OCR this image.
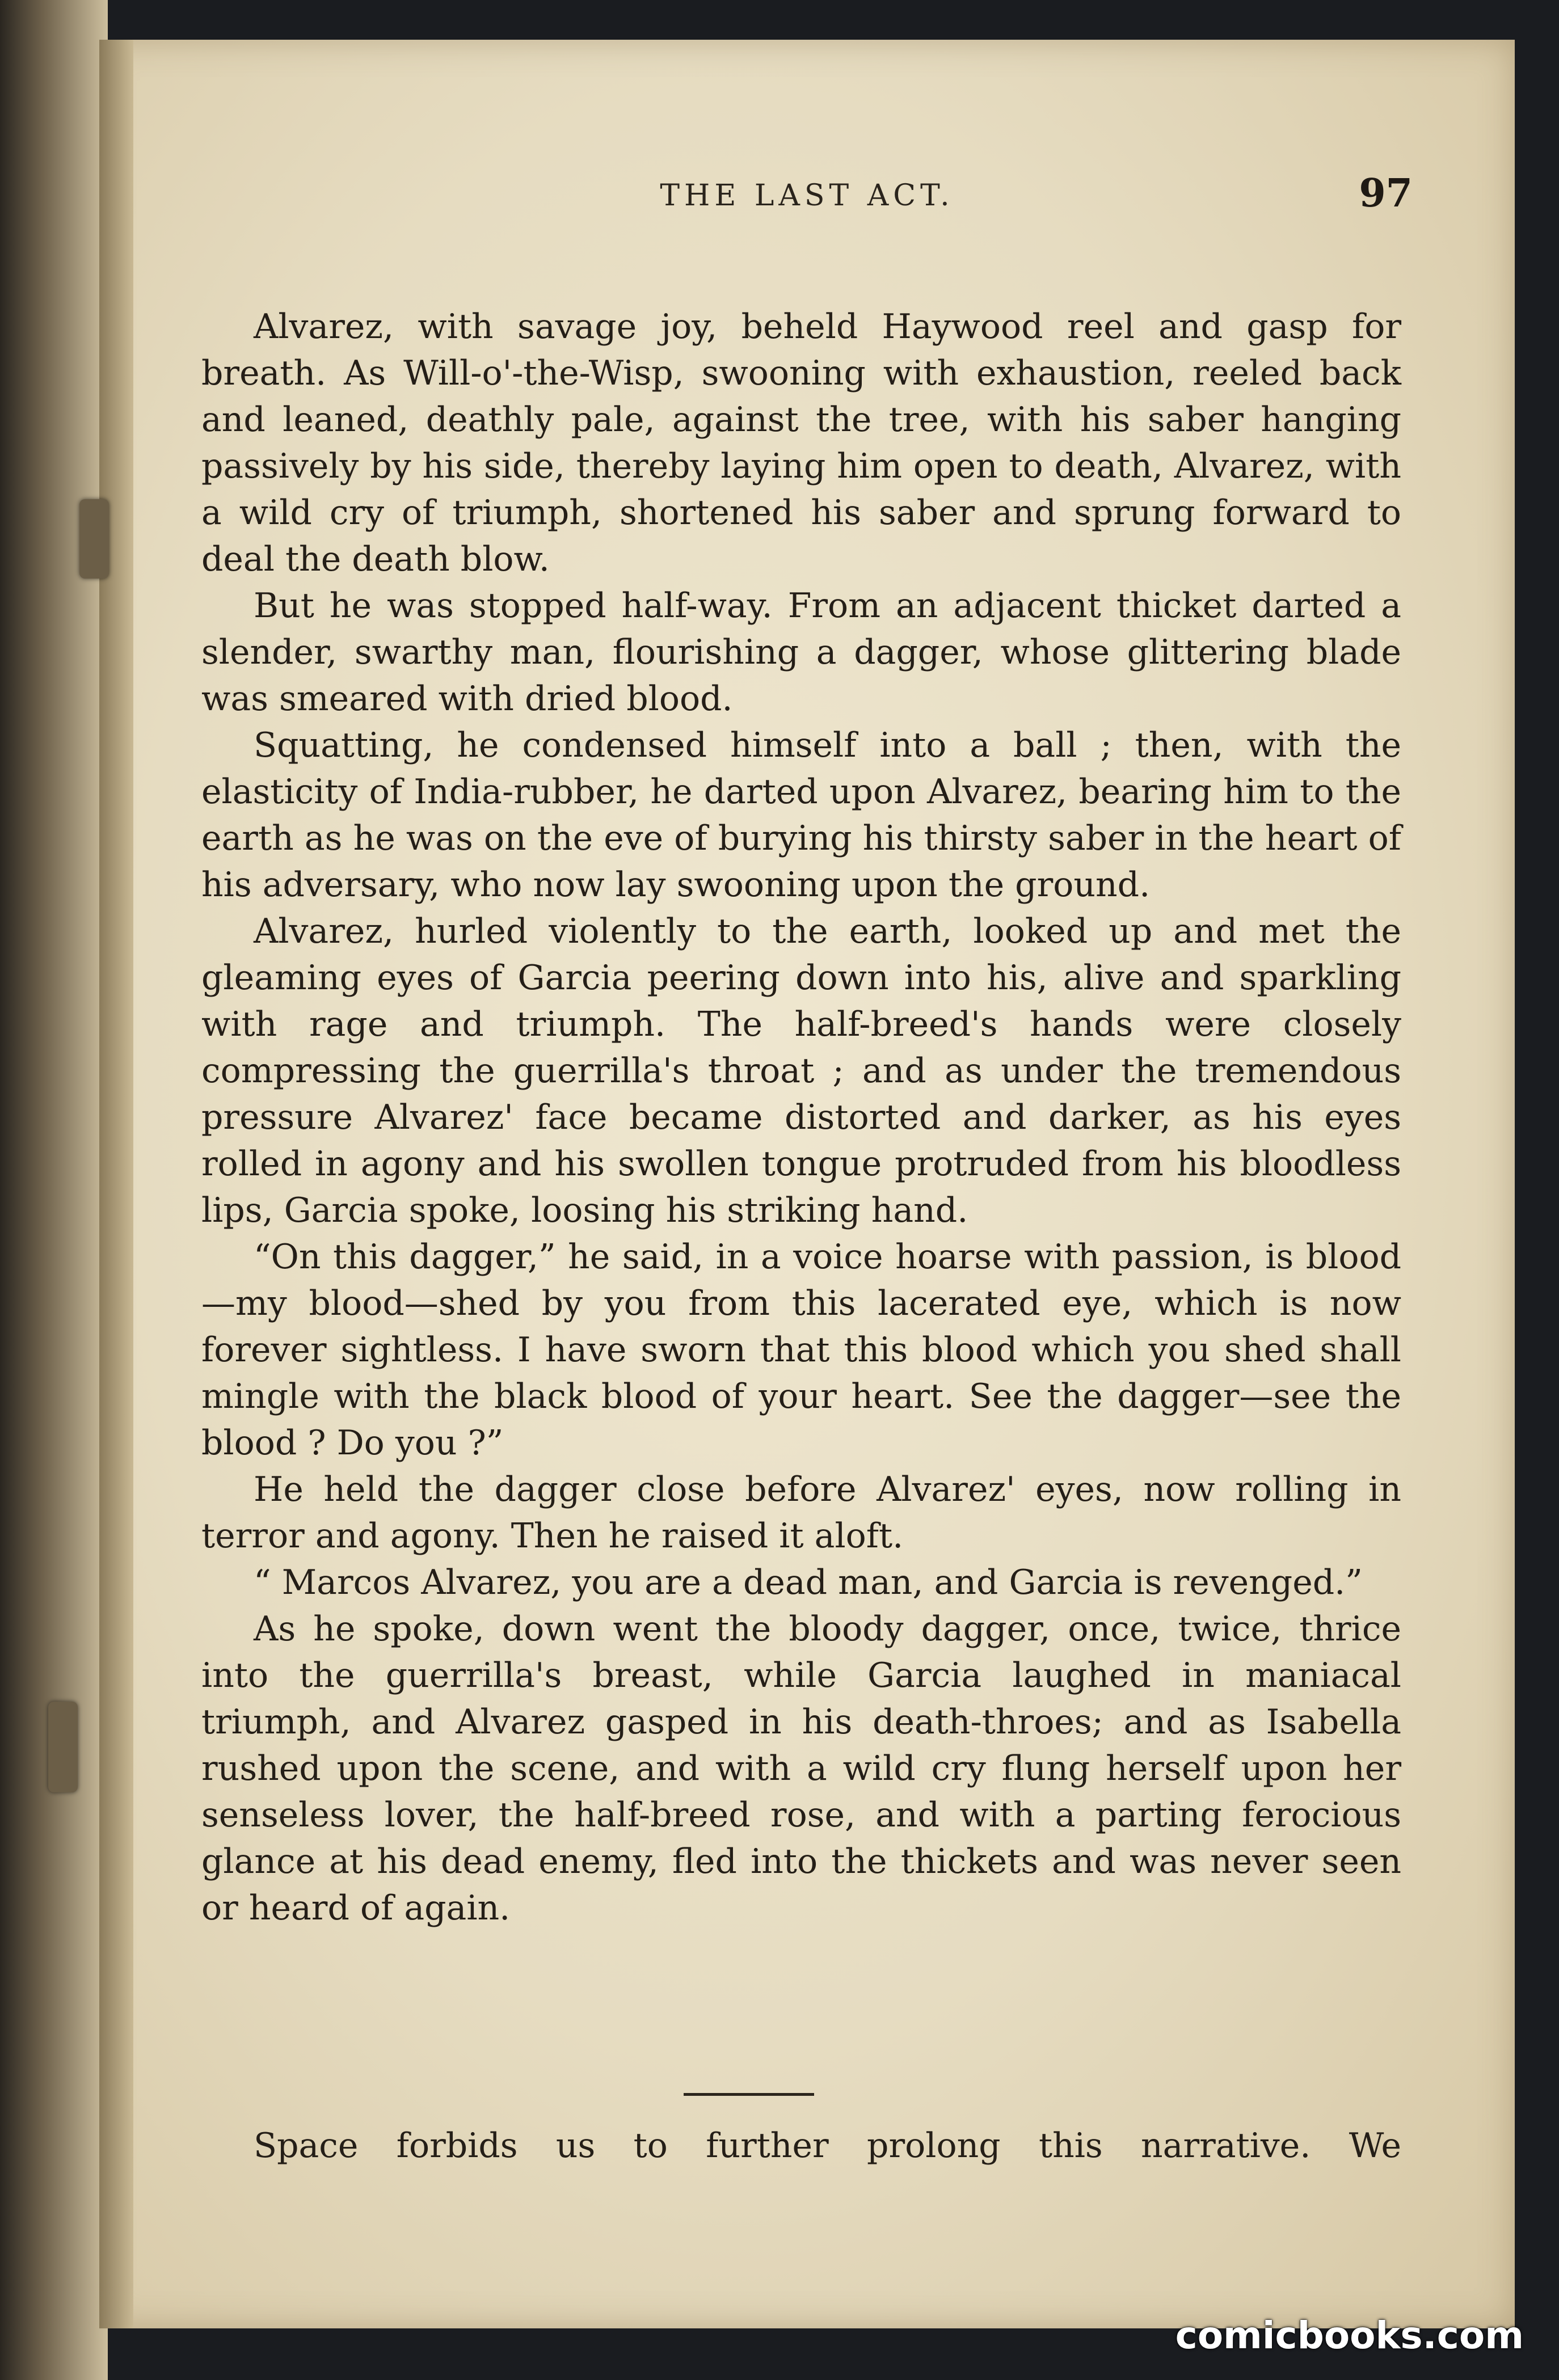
THE LAST ACT.	97

Alvarez, with savage joy, beheld Haywood reel and gasp for breath. As Will-o'-the-Wisp, swooning with exhaustion, reeled back and leaned, deathly pale, against the tree, with his saber hanging passively by his side, thereby laying him open to death, Alvarez, with a wild cry of triumph, shortened his saber and sprung forward to deal the death blow.

But he was stopped half-way. From an adjacent thicket darted a slender, swarthy man, flourishing a dagger, whose glittering blade was smeared with dried blood.

Squatting, he condensed himself into a ball ; then, with the elasticity of India-rubber, he darted upon Alvarez, bearing him to the earth as he was on the eve of burying his thirsty saber in the heart of his adversary, who now lay swooning upon the ground.

Alvarez, hurled violently to the earth, looked up and met the gleaming eyes of Garcia peering down into his, alive and sparkling with rage and triumph. The half-breed's hands were closely compressing the guerrilla's throat ; and as under the tremendous pressure Alvarez' face became distorted and darker, as his eyes rolled in agony and his swollen tongue protruded from his bloodless lips, Garcia spoke, loosing his striking hand.

“On this dagger,” he said, in a voice hoarse with passion, is blood—my blood—shed by you from this lacerated eye, which is now forever sightless. I have sworn that this blood which you shed shall mingle with the black blood of your heart. See the dagger—see the blood ? Do you ?”

He held the dagger close before Alvarez' eyes, now rolling in terror and agony. Then he raised it aloft.

“ Marcos Alvarez, you are a dead man, and Garcia is revenged.”

As he spoke, down went the bloody dagger, once, twice, thrice into the guerrilla's breast, while Garcia laughed in maniacal triumph, and Alvarez gasped in his death-throes; and as Isabella rushed upon the scene, and with a wild cry flung herself upon her senseless lover, the half-breed rose, and with a parting ferocious glance at his dead enemy, fled into the thickets and was never seen or heard of again.

Space forbids us to further prolong this narrative. We

comicbooks.com
